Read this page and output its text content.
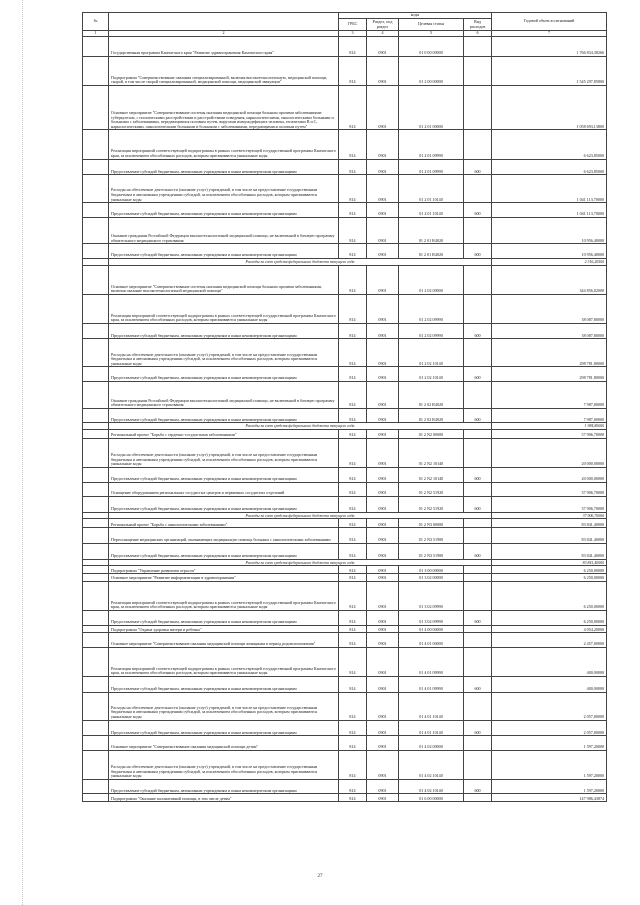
№		коды				Годовой объем ассигнований
		ГРБС	Раздел, под раздел	Целевая статья	Вид расходов	
1	2	3	4	5	6	7
	Государственная программа Камчатского края "Развитие здравоохранения Камчатского края"	814	0901	01 0 00 00000		1 766 834,38266
	Подпрограмма "Совершенствование оказания специализированной, включая высокотехнологичную, медицинской помощи, скорой, в том числе скорой специализированной, медицинской помощи, медицинской эвакуации"	814	0901	01 2 00 00000		1 545 297,85800
	Основное мероприятие "Совершенствование системы оказания медицинской помощи больным прочими заболеваниями: туберкулезом, с психическими расстройствами и расстройствами поведения, наркологическими, онкологическими больными и больными с заболеваниями, передающимися половым путем, вирусами иммунодефицита человека, гепатитами В и С, наркологическими, онкологическими больными и больными с заболеваниями, передающимися половым путем"	814	0901	01 2 01 00000		1 058 693,13800
	Реализация мероприятий соответствующей подпрограммы в рамках соответствующей государственной программы Камчатского края, за исключением обособленных расходов, которым присваиваются уникальные коды	814	0901	01 2 01 09990		6 623,85000
	Предоставление субсидий бюджетным, автономным учреждениям и иным некоммерческим организациям	814	0901	01 2 01 09990	600	6 623,85000
	Расходы на обеспечение деятельности (оказание услуг) учреждений, в том числе на предоставление государственным бюджетным и автономным учреждениям субсидий, за исключением обособленных расходов, которым присваиваются уникальные коды	814	0901	01 2 01 10140		1 041 113,70000
	Предоставление субсидий бюджетным, автономным учреждениям и иным некоммерческим организациям	814	0901	01 2 01 10140	600	1 041 113,70000
	Оказание гражданам Российской Федерации высокотехнологичной медицинской помощи, не включенной в базовую программу обязательного медицинского страхования	814	0901	01 2 01 R4020		10 956,40000
	Предоставление субсидий бюджетным, автономным учреждениям и иным некоммерческим организациям	814	0901	01 2 01 R4020	600	10 956,40000
	Расходы за счет средств федерального бюджета текущего года					2 316,20500
	Основное мероприятие "Совершенствование системы оказания медицинской помощи больным прочими заболеваниями, включая оказание высокотехнологичной медицинской помощи"	814	0901	01 2 02 00000		344 856,02000
	Реализация мероприятий соответствующей подпрограммы в рамках соответствующей государственной программы Камчатского края, за исключением обособленных расходов, которым присваиваются уникальные коды	814	0901	01 2 02 09990		38 087,80000
	Предоставление субсидий бюджетным, автономным учреждениям и иным некоммерческим организациям	814	0901	01 2 02 09990	600	38 087,80000
	Расходы на обеспечение деятельности (оказание услуг) учреждений, в том числе на предоставление государственным бюджетным и автономным учреждениям субсидий, за исключением обособленных расходов, которым присваиваются уникальные коды	814	0901	01 2 02 10140		298 781,80000
	Предоставление субсидий бюджетным, автономным учреждениям и иным некоммерческим организациям	814	0901	01 2 02 10140	600	298 781,80000
	Оказание гражданам Российской Федерации высокотехнологичной медицинской помощи, не включенной в базовую программу обязательного медицинского страхования	814	0901	01 2 02 R4020		7 987,00000
	Предоставление субсидий бюджетным, автономным учреждениям и иным некоммерческим организациям	814	0901	01 2 02 R4020	600	7 987,00000
	Расходы за счет средств федерального бюджета текущего года					1 984,80000
	Региональный проект "Борьба с сердечно-сосудистыми заболеваниями"	814	0901	01 2 N2 00000		57 906,70000
	Расходы на обеспечение деятельности (оказание услуг) учреждений, в том числе на предоставление государственным бюджетным и автономным учреждениям субсидий, за исключением обособленных расходов, которым присваиваются уникальные коды	814	0901	01 2 N2 10140		20 000,00000
	Предоставление субсидий бюджетным, автономным учреждениям и иным некоммерческим организациям	814	0901	01 2 N2 10140	600	20 000,00000
	Оснащение оборудованием региональных сосудистых центров и первичных сосудистых отделений	814	0901	01 2 N2 51920		37 906,70000
	Предоставление субсидий бюджетным, автономным учреждениям и иным некоммерческим организациям	814	0901	01 2 N2 51920	600	37 906,70000
	Расходы за счет средств федерального бюджета текущего года					37 906,70000
	Региональный проект "Борьба с онкологическими заболеваниями"	814	0901	01 2 N3 00000		83 841,40000
	Переоснащение медицинских организаций, оказывающих медицинскую помощь больным с онкологическими заболеваниями	814	0901	01 2 N3 51900		83 841,40000
	Предоставление субсидий бюджетным, автономным учреждениям и иным некоммерческим организациям	814	0901	01 2 N3 51900	600	83 841,40000
	Расходы за счет средств федерального бюджета текущего года					83 841,40000
	Подпрограмма "Управление развитием отрасли"	814	0901	01 3 00 00000		6 250,00000
	Основное мероприятие "Развитие информатизации в здравоохранении"	814	0901	01 3 02 00000		6 250,00000
	Реализация мероприятий соответствующей подпрограммы в рамках соответствующей государственной программы Камчатского края, за исключением обособленных расходов, которым присваиваются уникальные коды	814	0901	01 3 02 09990		6 250,00000
	Предоставление субсидий бюджетным, автономным учреждениям и иным некоммерческим организациям	814	0901	01 3 02 09990	600	6 250,00000
	Подпрограмма "Охрана здоровья матери и ребенка"	814	0901	01 4 00 00000		4 054,20000
	Основное мероприятие "Совершенствование оказания медицинской помощи женщинам в период родовспоможения"	814	0901	01 4 01 00000		2 457,00000
	Реализация мероприятий соответствующей подпрограммы в рамках соответствующей государственной программы Камчатского края, за исключением обособленных расходов, которым присваиваются уникальные коды	814	0901	01 4 01 09990		400,00000
	Предоставление субсидий бюджетным, автономным учреждениям и иным некоммерческим организациям	814	0901	01 4 01 09990	600	400,00000
	Расходы на обеспечение деятельности (оказание услуг) учреждений, в том числе на предоставление государственным бюджетным и автономным учреждениям субсидий, за исключением обособленных расходов, которым присваиваются уникальные коды	814	0901	01 4 01 10140		2 057,00000
	Предоставление субсидий бюджетным, автономным учреждениям и иным некоммерческим организациям	814	0901	01 4 01 10140	600	2 057,00000
	Основное мероприятие "Совершенствование оказания медицинской помощи детям"	814	0901	01 4 02 00000		1 597,20000
	Расходы на обеспечение деятельности (оказание услуг) учреждений, в том числе на предоставление государственным бюджетным и автономным учреждениям субсидий, за исключением обособленных расходов, которым присваиваются уникальные коды	814	0901	01 4 02 10140		1 597,20000
	Предоставление субсидий бюджетным, автономным учреждениям и иным некоммерческим организациям	814	0901	01 4 02 10140	600	1 597,20000
	Подпрограмма "Оказание паллиативной помощи, в том числе детям"	814	0901	01 6 00 00000		147 986,43874
27
